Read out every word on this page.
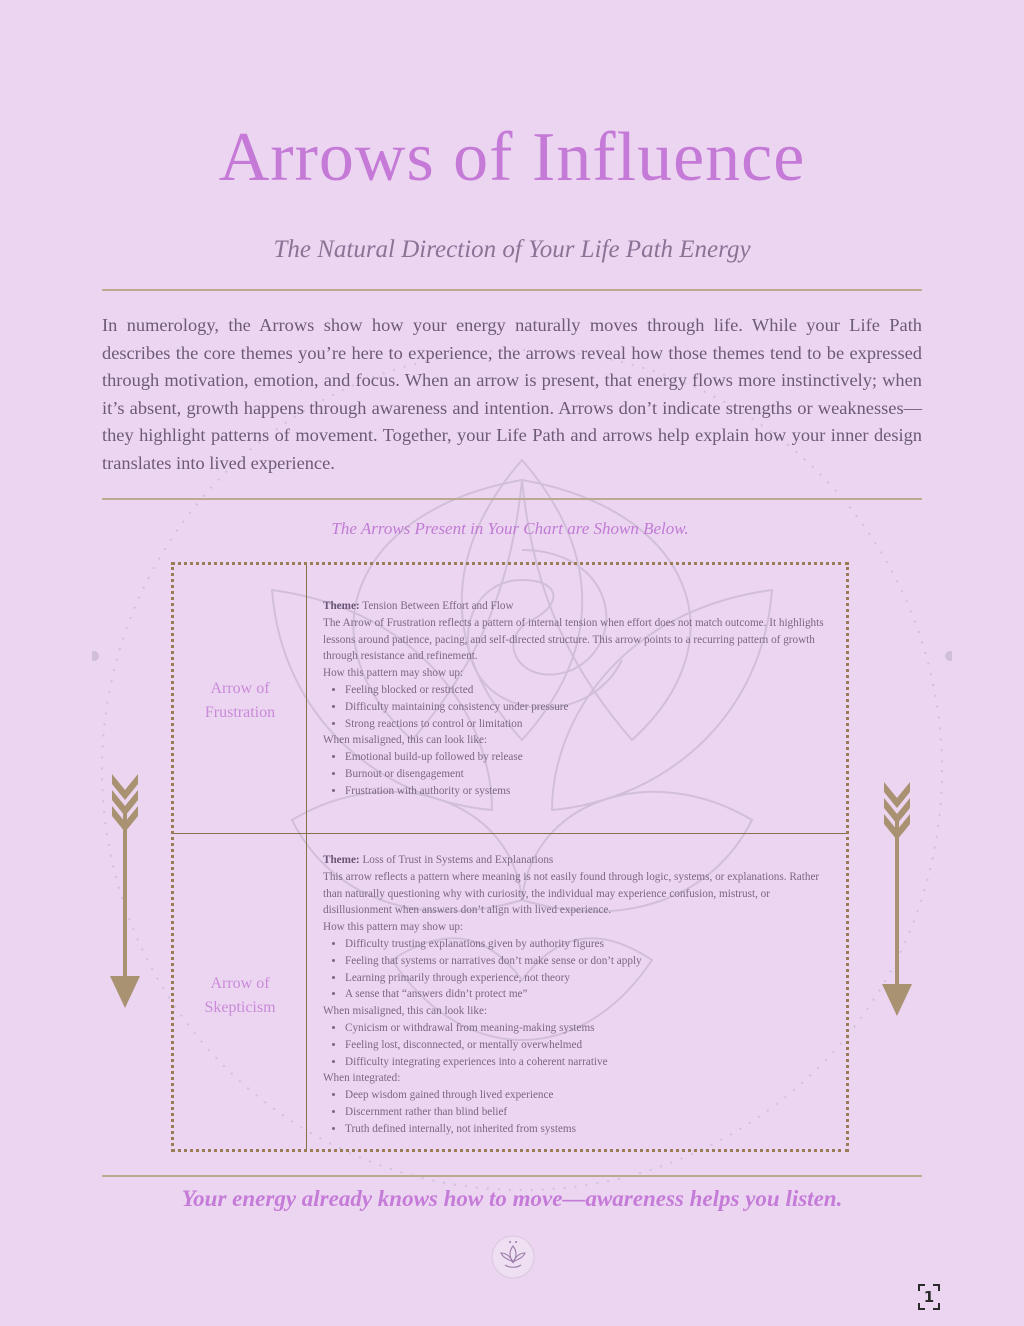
Arrows of Influence
The Natural Direction of Your Life Path Energy
In numerology, the Arrows show how your energy naturally moves through life. While your Life Path describes the core themes you’re here to experience, the arrows reveal how those themes tend to be expressed through motivation, emotion, and focus. When an arrow is present, that energy flows more instinctively; when it’s absent, growth happens through awareness and intention. Arrows don’t indicate strengths or weaknesses—they highlight patterns of movement. Together, your Life Path and arrows help explain how your inner design translates into lived experience.
The Arrows Present in Your Chart are Shown Below.
Arrow of
Frustration

Theme: Tension Between Effort and Flow

The Arrow of Frustration reflects a pattern of internal tension when effort does not match outcome. It highlights lessons around patience, pacing, and self-directed structure. This arrow points to a recurring pattern of growth through resistance and refinement.

How this pattern may show up:

• Feeling blocked or restricted
• Difficulty maintaining consistency under pressure
• Strong reactions to control or limitation

When misaligned, this can look like:

• Emotional build-up followed by release
• Burnout or disengagement
• Frustration with authority or systems
Arrow of
Skepticism

Theme: Loss of Trust in Systems and Explanations

This arrow reflects a pattern where meaning is not easily found through logic, systems, or explanations. Rather than naturally questioning why with curiosity, the individual may experience confusion, mistrust, or disillusionment when answers don’t align with lived experience.

How this pattern may show up:

• Difficulty trusting explanations given by authority figures
• Feeling that systems or narratives don’t make sense or don’t apply
• Learning primarily through experience, not theory
• A sense that “answers didn’t protect me”

When misaligned, this can look like:

• Cynicism or withdrawal from meaning-making systems
• Feeling lost, disconnected, or mentally overwhelmed
• Difficulty integrating experiences into a coherent narrative

When integrated:

• Deep wisdom gained through lived experience
• Discernment rather than blind belief
• Truth defined internally, not inherited from systems
Your energy already knows how to move—awareness helps you listen.
1
